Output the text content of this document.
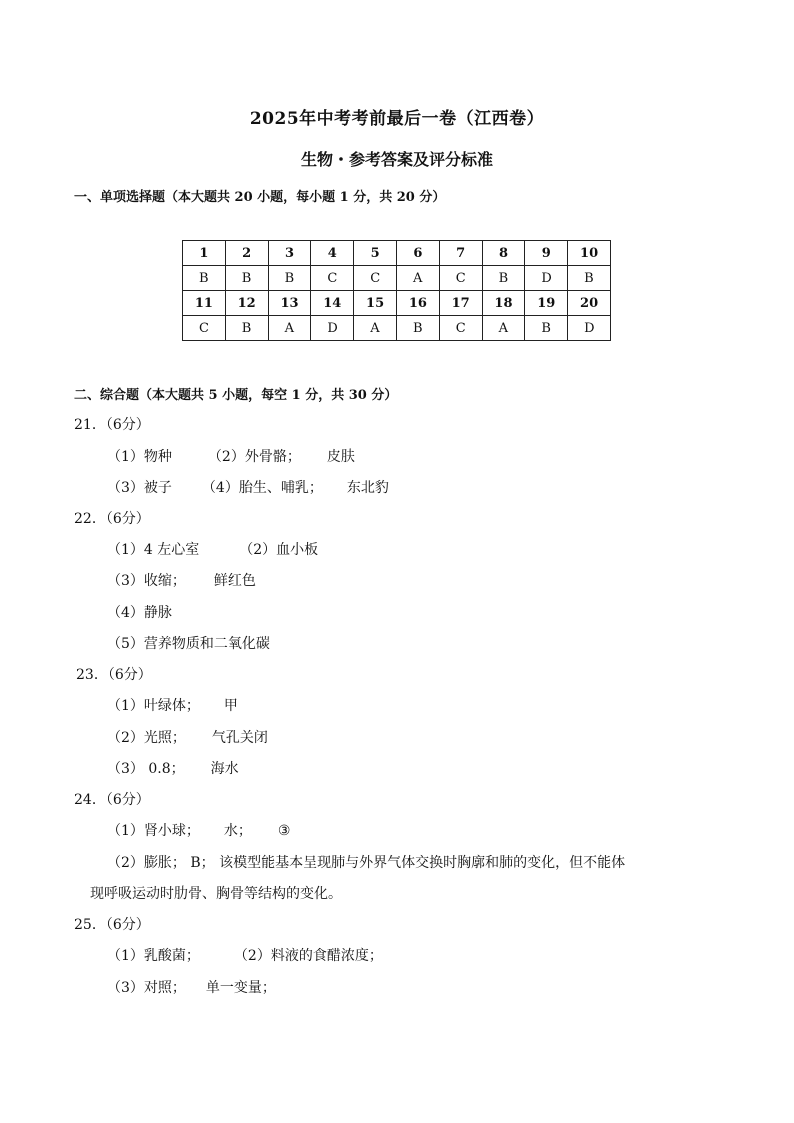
2025年中考考前最后一卷（江西卷）
生物・参考答案及评分标准
一、单项选择题（本大题共 20 小题，每小题 1 分，共 20 分）
1	2	3	4	5	6	7	8	9	10
B	B	B	C	C	A	C	B	D	B
11	12	13	14	15	16	17	18	19	20
C	B	A	D	A	B	C	A	B	D
二、综合题（本大题共 5 小题，每空 1 分，共 30 分）
21．（6分）
（1）物种	（2）外骨骼； 皮肤
（3）被子 （4）胎生、哺乳； 东北豹
22．（6分）
（1）4 左心室	（2）血小板
（3）收缩； 鲜红色
（4）静脉
（5）营养物质和二氧化碳
23．（6分）
（1）叶绿体； 甲
（2）光照； 气孔关闭
（3） 0.8； 海水
24．（6分）
（1）肾小球； 水； ③
（2）膨胀； B； 该模型能基本呈现肺与外界气体交换时胸廓和肺的变化，但不能体
现呼吸运动时肋骨、胸骨等结构的变化。
25．（6分）
（1）乳酸菌； （2）料液的食醋浓度；
（3）对照； 单一变量；
